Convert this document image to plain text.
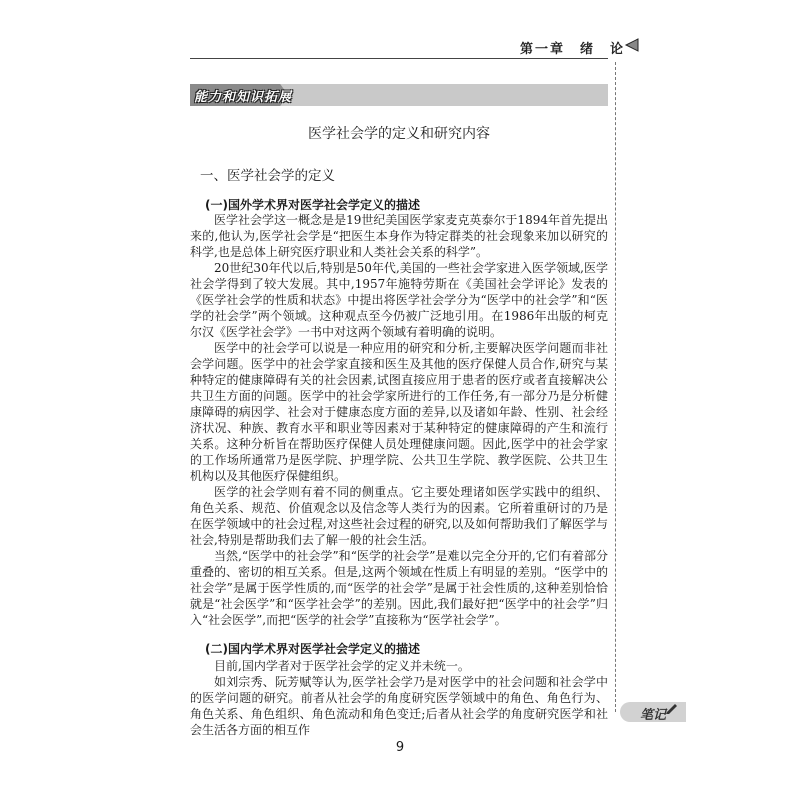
第一章　绪　论
能力和知识拓展
医学社会学的定义和研究内容
一、医学社会学的定义
(一)国外学术界对医学社会学定义的描述

医学社会学这一概念是是19世纪美国医学家麦克英泰尔于1894年首先提出来的,他认为,医学社会学是“把医生本身作为特定群类的社会现象来加以研究的科学,也是总体上研究医疗职业和人类社会关系的科学”。

20世纪30年代以后,特别是50年代,美国的一些社会学家进入医学领域,医学社会学得到了较大发展。其中,1957年施特劳斯在《美国社会学评论》发表的《医学社会学的性质和状态》中提出将医学社会学分为“医学中的社会学”和“医学的社会学”两个领域。这种观点至今仍被广泛地引用。在1986年出版的柯克尔汉《医学社会学》一书中对这两个领域有着明确的说明。

医学中的社会学可以说是一种应用的研究和分析,主要解决医学问题而非社会学问题。医学中的社会学家直接和医生及其他的医疗保健人员合作,研究与某种特定的健康障碍有关的社会因素,试图直接应用于患者的医疗或者直接解决公共卫生方面的问题。医学中的社会学家所进行的工作任务,有一部分乃是分析健康障碍的病因学、社会对于健康态度方面的差异,以及诸如年龄、性别、社会经济状况、种族、教育水平和职业等因素对于某种特定的健康障碍的产生和流行关系。这种分析旨在帮助医疗保健人员处理健康问题。因此,医学中的社会学家的工作场所通常乃是医学院、护理学院、公共卫生学院、教学医院、公共卫生机构以及其他医疗保健组织。

医学的社会学则有着不同的侧重点。它主要处理诸如医学实践中的组织、角色关系、规范、价值观念以及信念等人类行为的因素。它所着重研讨的乃是在医学领域中的社会过程,对这些社会过程的研究,以及如何帮助我们了解医学与社会,特别是帮助我们去了解一般的社会生活。

当然,“医学中的社会学”和“医学的社会学”是难以完全分开的,它们有着部分重叠的、密切的相互关系。但是,这两个领域在性质上有明显的差别。“医学中的社会学”是属于医学性质的,而“医学的社会学”是属于社会性质的,这种差别恰恰就是“社会医学”和“医学社会学”的差别。因此,我们最好把“医学中的社会学”归入“社会医学”,而把“医学的社会学”直接称为“医学社会学”。

(二)国内学术界对医学社会学定义的描述

目前,国内学者对于医学社会学的定义并未统一。

如刘宗秀、阮芳赋等认为,医学社会学乃是对医学中的社会问题和社会学中的医学问题的研究。前者从社会学的角度研究医学领域中的角色、角色行为、角色关系、角色组织、角色流动和角色变迁;后者从社会学的角度研究医学和社会生活各方面的相互作

笔记
9
